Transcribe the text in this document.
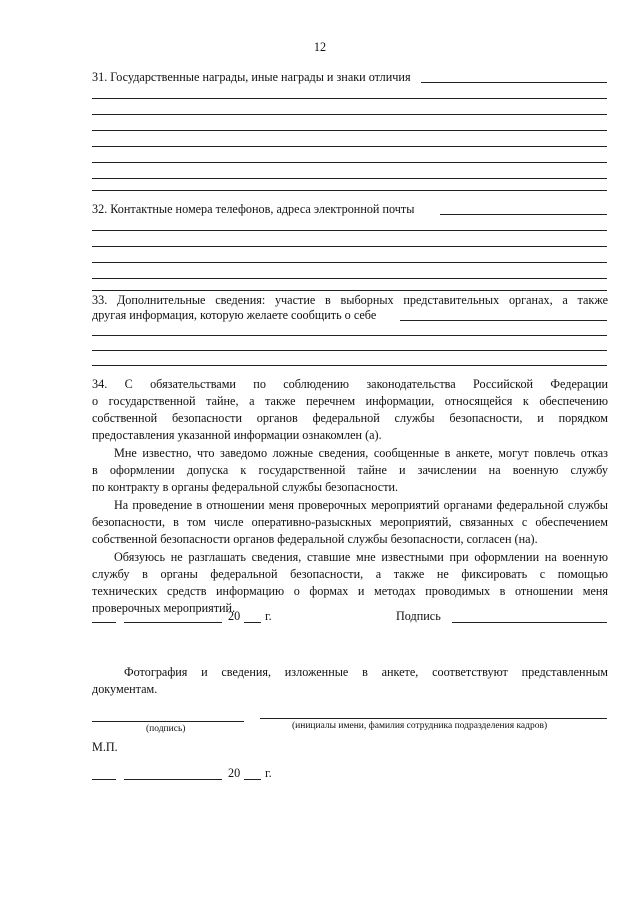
12
31. Государственные награды, иные награды и знаки отличия
32. Контактные номера телефонов, адреса электронной почты
33. Дополнительные сведения: участие в выборных представительных органах, а также
другая информация, которую желаете сообщить о себе
34. С обязательствами по соблюдению законодательства Российской Федерации
о государственной тайне, а также перечнем информации, относящейся к обеспечению
собственной безопасности органов федеральной службы безопасности, и порядком
предоставления указанной информации ознакомлен (а).
Мне известно, что заведомо ложные сведения, сообщенные в анкете, могут повлечь отказ
в оформлении допуска к государственной тайне и зачислении на военную службу
по контракту в органы федеральной службы безопасности.
На проведение в отношении меня проверочных мероприятий органами федеральной службы
безопасности, в том числе оперативно-разыскных мероприятий, связанных с обеспечением
собственной безопасности органов федеральной службы безопасности, согласен (на).
Обязуюсь не разглашать сведения, ставшие мне известными при оформлении на военную
службу в органы федеральной безопасности, а также не фиксировать с помощью
технических средств информацию о формах и методах проводимых в отношении меня
проверочных мероприятий.
20 г.	Подпись
Фотография и сведения, изложенные в анкете, соответствуют представленным
документам.
(подпись)	(инициалы имени, фамилия сотрудника подразделения кадров)
М.П.
20 г.
